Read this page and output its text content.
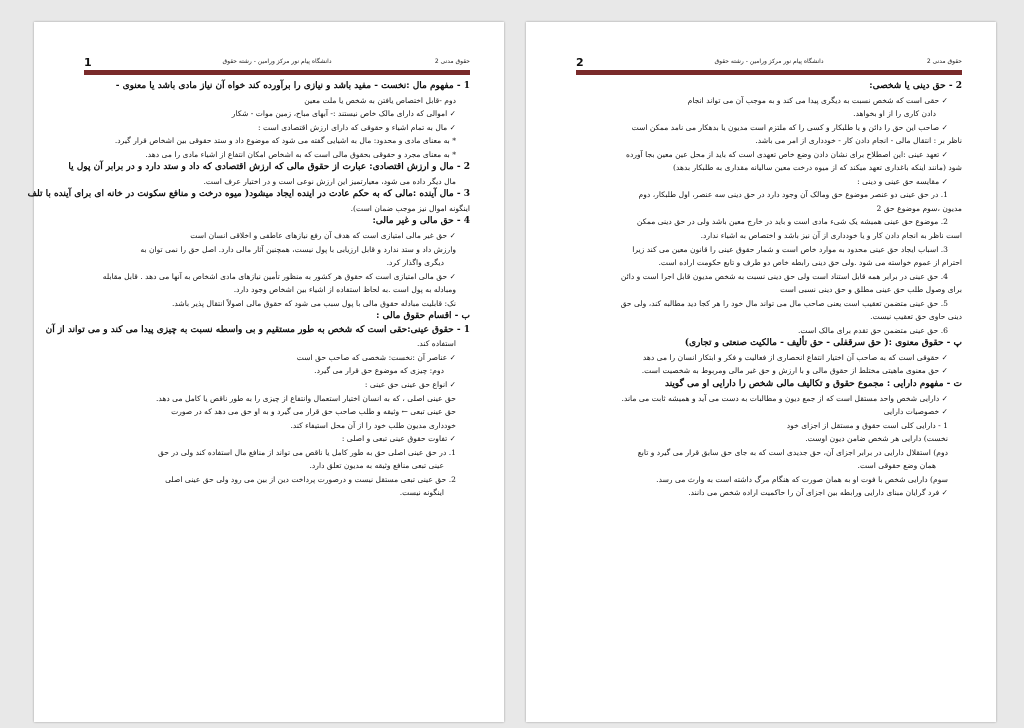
1	دانشگاه پیام نور مرکز ورامین - رشته حقوق	حقوق مدنی 2
1 - مفهوم مال :نخست - مفید باشد و نیازی را برآورده کند خواه آن نیاز مادی باشد یا معنوی -
دوم -قابل اختصاص یافتن به شخص یا ملت معین
✓ اموالی که دارای مالک خاص نیستند :- آبهای مباح، زمین موات - شکار
✓ مال به تمام اشیاء و حقوقی که دارای ارزش اقتصادی است :
* به معنای مادی و محدود: مال به اشیایی گفته می شود که موضوع داد و ستد حقوقی بین اشخاص قرار گیرد.
* به معنای مجرد و حقوقی بحقوق مالی است که به اشخاص امکان انتفاع از اشیاء مادی را می دهد.
2 - مال و ارزش اقتصادی: عبارت از حقوق مالی که ارزش اقتصادی که داد و ستد دارد و در برابر آن پول یا
مال دیگر داده می شود، معیارتمیز این ارزش نوعی است و در اختیار عرف است.
3 - مال آینده :مالی که به حکم عادت در اینده ایجاد میشود( میوه درخت و منافع سکونت در خانه ای برای آینده با تلف
اینگونه اموال نیز موجب ضمان است).
4 - حق مالی و غیر مالی:
✓ حق غیر مالی امتیازی است که هدف آن رفع نیازهای عاطفی و اخلاقی انسان است
وارزش داد و ستد ندارد و قابل ارزیابی با پول نیست، همچنین آثار مالی دارد. اصل حق را نمی توان به
دیگری واگذار کرد.
✓ حق مالی امتیازی است که حقوق هر کشور به منظور تأمین نیازهای مادی اشخاص به آنها می دهد . قابل مقابله
ومبادله به پول است .به لحاظ استفاده از اشیاء بین اشخاص وجود دارد.
نک: قابلیت مبادله حقوق مالی با پول سبب می شود که حقوق مالی اصولاً انتقال پذیر باشد.
ب - اقسام حقوق مالی :
1 - حقوق عینی:حقی است که شخص به طور مستقیم و بی واسطه نسبت به چیزی پیدا می کند و می تواند از آن
استفاده کند.
✓ عناصر آن :نخست: شخصی که صاحب حق است
دوم: چیزی که موضوع حق قرار می گیرد.
✓ انواع حق عینی حق عینی :
حق عینی اصلی ، که به انسان اختیار استعمال وانتفاع از چیزی را به طور ناقص یا کامل می دهد.
حق عینی تبعی ← وثیقه و طلب صاحب حق قرار می گیرد و به او حق می دهد که در صورت
خودداری مدیون طلب خود را از آن محل استیفاء کند.
✓ تفاوت حقوق عینی تبعی و اصلی :
1. در حق عینی اصلی حق به طور کامل یا ناقص می تواند از منافع مال استفاده کند ولی در حق
عینی تبعی منافع وثیقه به مدیون تعلق دارد.
2. حق عینی تبعی مستقل نیست و درصورت پرداخت دین از بین می رود ولی حق عینی اصلی
اینگونه نیست.
2	دانشگاه پیام نور مرکز ورامین - رشته حقوق	حقوق مدنی 2
2 - حق دینی یا شخصی:
✓ حقی است که شخص نسبت به دیگری پیدا می کند و به موجب آن می تواند انجام
دادن کاری را از او بخواهد.
✓ صاحب این حق را دائن و یا طلبکار و کسی را که ملتزم است مدیون یا بدهکار می نامد ممکن است
ناظر بر : انتقال مالی - انجام دادن کار - خودداری از امر می باشد.
✓ تعهد عینی :این اصطلاح برای نشان دادن وضع خاص تعهدی است که باید از محل عین معین بجا آورده
شود (مانند اینکه باغداری تعهد میکند که از میوه درخت معین سالیانه مقداری به طلبکار بدهد)
✓ مقایسه حق عینی و دینی :
1. در حق عینی دو عنصر موضوع حق ومالک آن وجود دارد در حق دینی سه عنصر، اول طلبکار، دوم
مدیون ،سوم موضوع حق 2
2. موضوع حق عینی همیشه یک شیء مادی است و باید در خارج معین باشد ولی در حق دینی ممکن
است ناظر به انجام دادن کار و یا خودداری از آن نیز باشد و اختصاص به اشیاء ندارد.
3. اسباب ایجاد حق عینی محدود به موارد خاص است و شمار حقوق عینی را قانون معین می کند زیرا
احترام از عموم خواسته می شود .ولی حق دینی رابطه خاص دو طرف و تابع حکومت اراده است.
4. حق عینی در برابر همه قابل استناد است ولی حق دینی نسبت به شخص مدیون قابل اجرا است و دائن
برای وصول طلب حق عینی مطلق و حق دینی نسبی است
5. حق عینی متضمن تعقیب است یعنی صاحب مال می تواند مال خود را هر کجا دید مطالبه کند، ولی حق
دینی حاوی حق تعقیب نیست.
6. حق عینی متضمن حق تقدم برای مالک است.
پ - حقوق معنوی :( حق سرقفلی - حق تألیف - مالکیت صنعتی و تجاری)
✓ حقوقی است که به صاحب آن اختیار انتفاع انحصاری از فعالیت و فکر و ابتکار انسان را می دهد
✓ حق معنوی ماهیتی مختلط از حقوق مالی و با ارزش و حق غیر مالی ومربوط به شخصیت است.
ت - مفهوم دارایی : مجموع حقوق و تکالیف مالی شخص را دارایی او می گویند
✓ دارایی شخص واحد مستقل است که از جمع دیون و مطالبات به دست می آید و همیشه ثابت می ماند.
✓ خصوصیات دارایی
1 - دارایی کلی است حقوق و مستقل از اجزای خود
نخست) دارایی هر شخص ضامن دیون اوست.
دوم) استقلال دارایی در برابر اجزای آن، حق جدیدی است که به جای حق سابق قرار می گیرد و تابع
همان وضع حقوقی است.
سوم) دارایی شخص با فوت او به همان صورت که هنگام مرگ داشته است به وارث می رسد.
✓ فرد گرایان مبنای دارایی ورابطه بین اجزای آن را حاکمیت اراده شخص می دانند.
